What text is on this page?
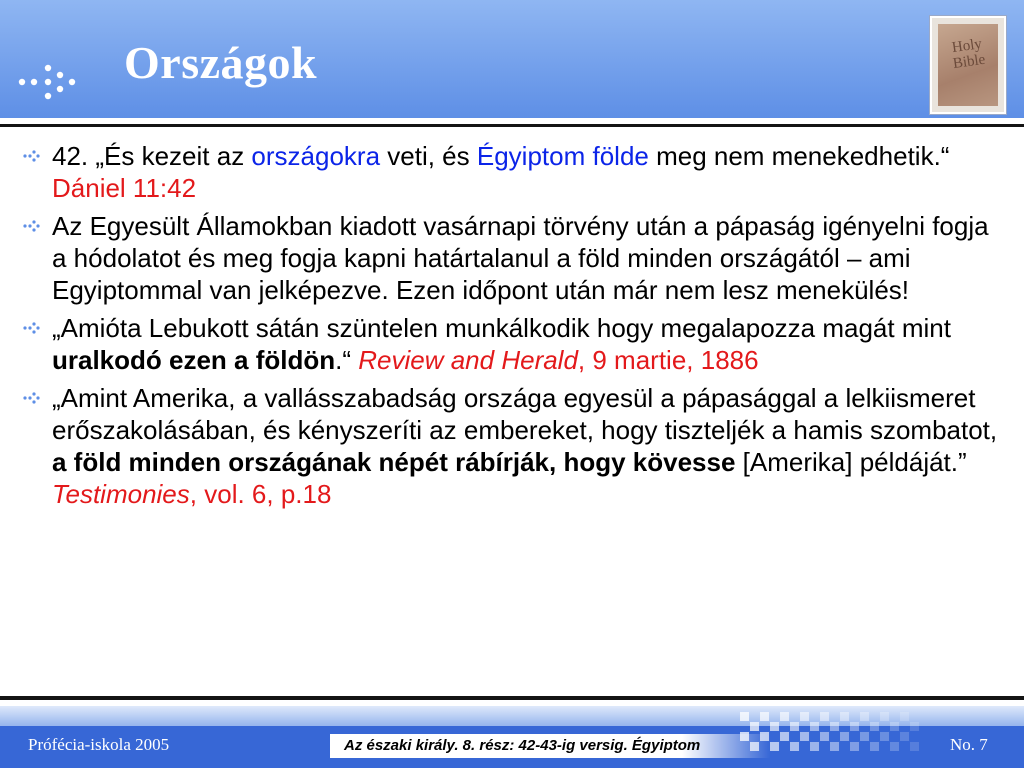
Országok	Holy Bible
42. „És kezeit az országokra veti, és Égyiptom földe meg nem menekedhetik.“ Dániel 11:42
Az Egyesült Államokban kiadott vasárnapi törvény után a pápaság igényelni fogja a hódolatot és meg fogja kapni határtalanul a föld minden országától – ami Egyiptommal van jelképezve. Ezen időpont után már nem lesz menekülés!
„Amióta Lebukott sátán szüntelen munkálkodik hogy megalapozza magát mint uralkodó ezen a földön.“ Review and Herald, 9 martie, 1886
„Amint Amerika, a vallásszabadság országa egyesül a pápasággal a lelkiismeret erőszakolásában, és kényszeríti az embereket, hogy tiszteljék a hamis szombatot, a föld minden országának népét rábírják, hogy kövesse [Amerika] példáját.” Testimonies, vol. 6, p.18
Prófécia-iskola 2005	Az északi király. 8. rész: 42-43-ig versig. Égyiptom	No. 7
